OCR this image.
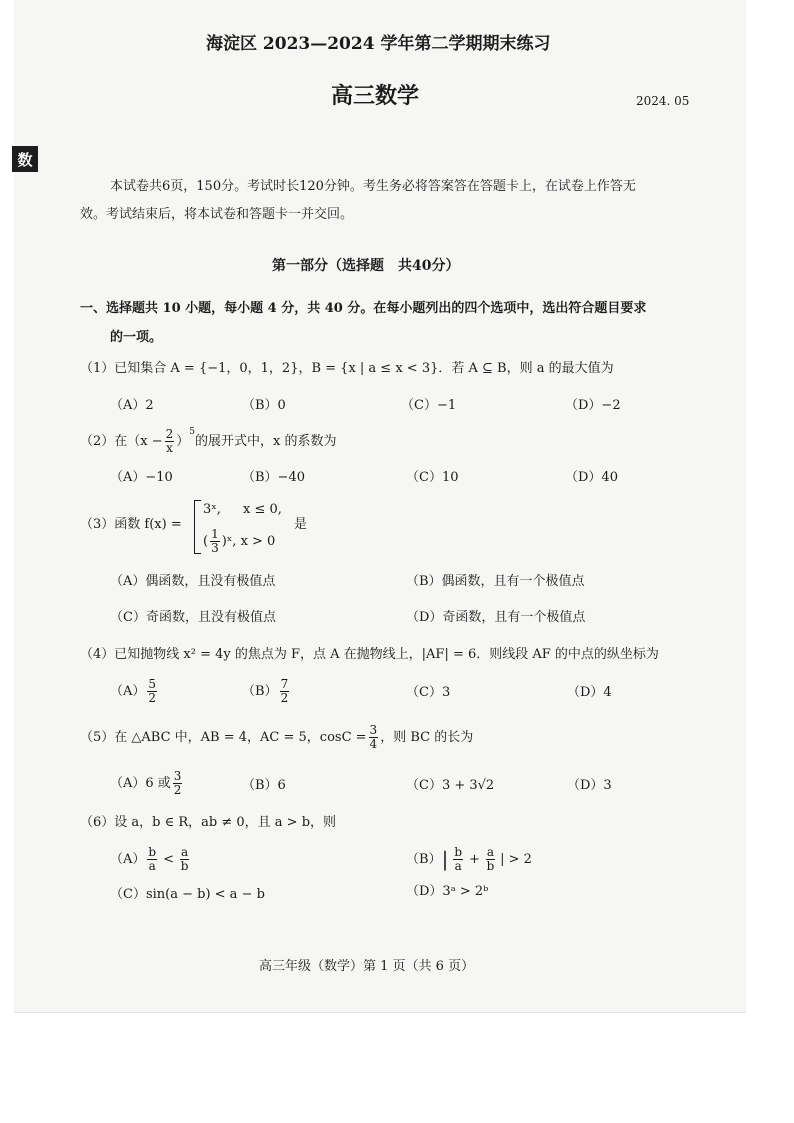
数
海淀区 2023—2024 学年第二学期期末练习
高三数学	2024. 05
本试卷共6页，150分。考试时长120分钟。考生务必将答案答在答题卡上，在试卷上作答无
效。考试结束后，将本试卷和答题卡一并交回。
第一部分（选择题　共40分）
一、选择题共 10 小题，每小题 4 分，共 40 分。在每小题列出的四个选项中，选出符合题目要求
的一项。
（1）已知集合 A = {−1，0，1，2}，B = {x | a ≤ x < 3}．若 A ⊆ B，则 a 的最大值为
（A）2	（B）0	（C）−1	（D）−2
（2）在（$x - \frac{2}{x}$ ）
$^5$
的展开式中，x 的系数为
（A）−10	（B）−40	（C）10	（D）40
（3）函数 f(x) =
3ˣ, x ≤ 0,
( $\frac{1}{3}$ )ˣ, x > 0
是
（A）偶函数，且没有极值点	（B）偶函数，且有一个极值点
（C）奇函数，且没有极值点	（D）奇函数，且有一个极值点
（4）已知抛物线 x² = 4y 的焦点为 F，点 A 在抛物线上，|AF| = 6．则线段 AF 的中点的纵坐标为
$(A) \frac{5}{2}$	$(B) \frac{7}{2}$	（C）3	（D）4
（5）在 △ABC 中，AB = 4，AC = 5，$\cos C = \frac{3}{4}$ ，则 BC 的长为
（A）6 或 $\frac{3}{2}$	（B）6	（C）3 + 3√2	（D）3
（6）设 a，b ∈ R，ab ≠ 0，且 a > b，则
$(A) \frac{b}{a} < \frac{a}{b}$	（B） | $\frac{b}{a} + \frac{a}{b}$ | > 2
（C）sin(a − b) < a − b	（D）3ᵃ > 2ᵇ
高三年级（数学）第 1 页（共 6 页）
